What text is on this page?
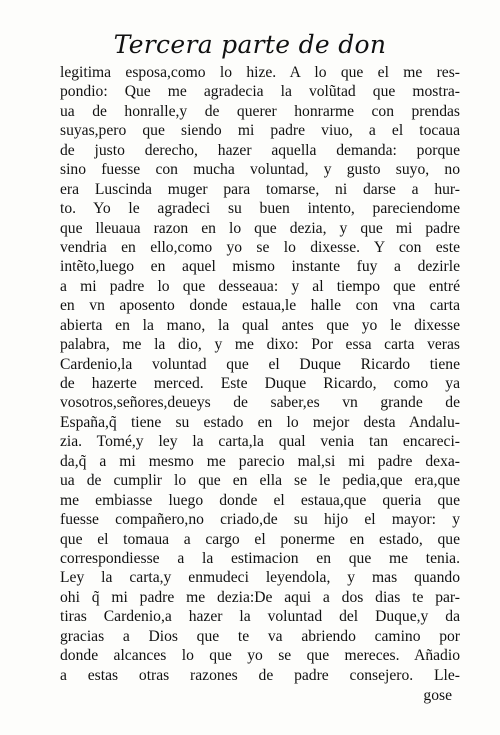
Tercera parte de don
legitima esposa,como lo hize. A lo que el me res-
pondio: Que me agradecia la volũtad que mostra-
ua de honralle,y de querer honrarme con prendas
suyas,pero que siendo mi padre viuo, a el tocaua
de justo derecho, hazer aquella demanda: porque
sino fuesse con mucha voluntad, y gusto suyo, no
era Luscinda muger para tomarse, ni darse a hur-
to. Yo le agradeci su buen intento, pareciendome
que lleuaua razon en lo que dezia, y que mi padre
vendria en ello,como yo se lo dixesse. Y con este
intẽto,luego en aquel mismo instante fuy a dezirle
a mi padre lo que desseaua: y al tiempo que entré
en vn aposento donde estaua,le halle con vna carta
abierta en la mano, la qual antes que yo le dixesse
palabra, me la dio, y me dixo: Por essa carta veras
Cardenio,la voluntad que el Duque Ricardo tiene
de hazerte merced. Este Duque Ricardo, como ya
vosotros,señores,deueys de saber,es vn grande de
España,q̃ tiene su estado en lo mejor desta Andalu-
zia. Tomé,y ley la carta,la qual venia tan encareci-
da,q̃ a mi mesmo me parecio mal,si mi padre dexa-
ua de cumplir lo que en ella se le pedia,que era,que
me embiasse luego donde el estaua,que queria que
fuesse compañero,no criado,de su hijo el mayor: y
que el tomaua a cargo el ponerme en estado, que
correspondiesse a la estimacion en que me tenia.
Ley la carta,y enmudeci leyendola, y mas quando
ohi q̃ mi padre me dezia:De aqui a dos dias te par-
tiras Cardenio,a hazer la voluntad del Duque,y da
gracias a Dios que te va abriendo camino por
donde alcances lo que yo se que mereces. Añadio
a estas otras razones de padre consejero. Lle-
gose
